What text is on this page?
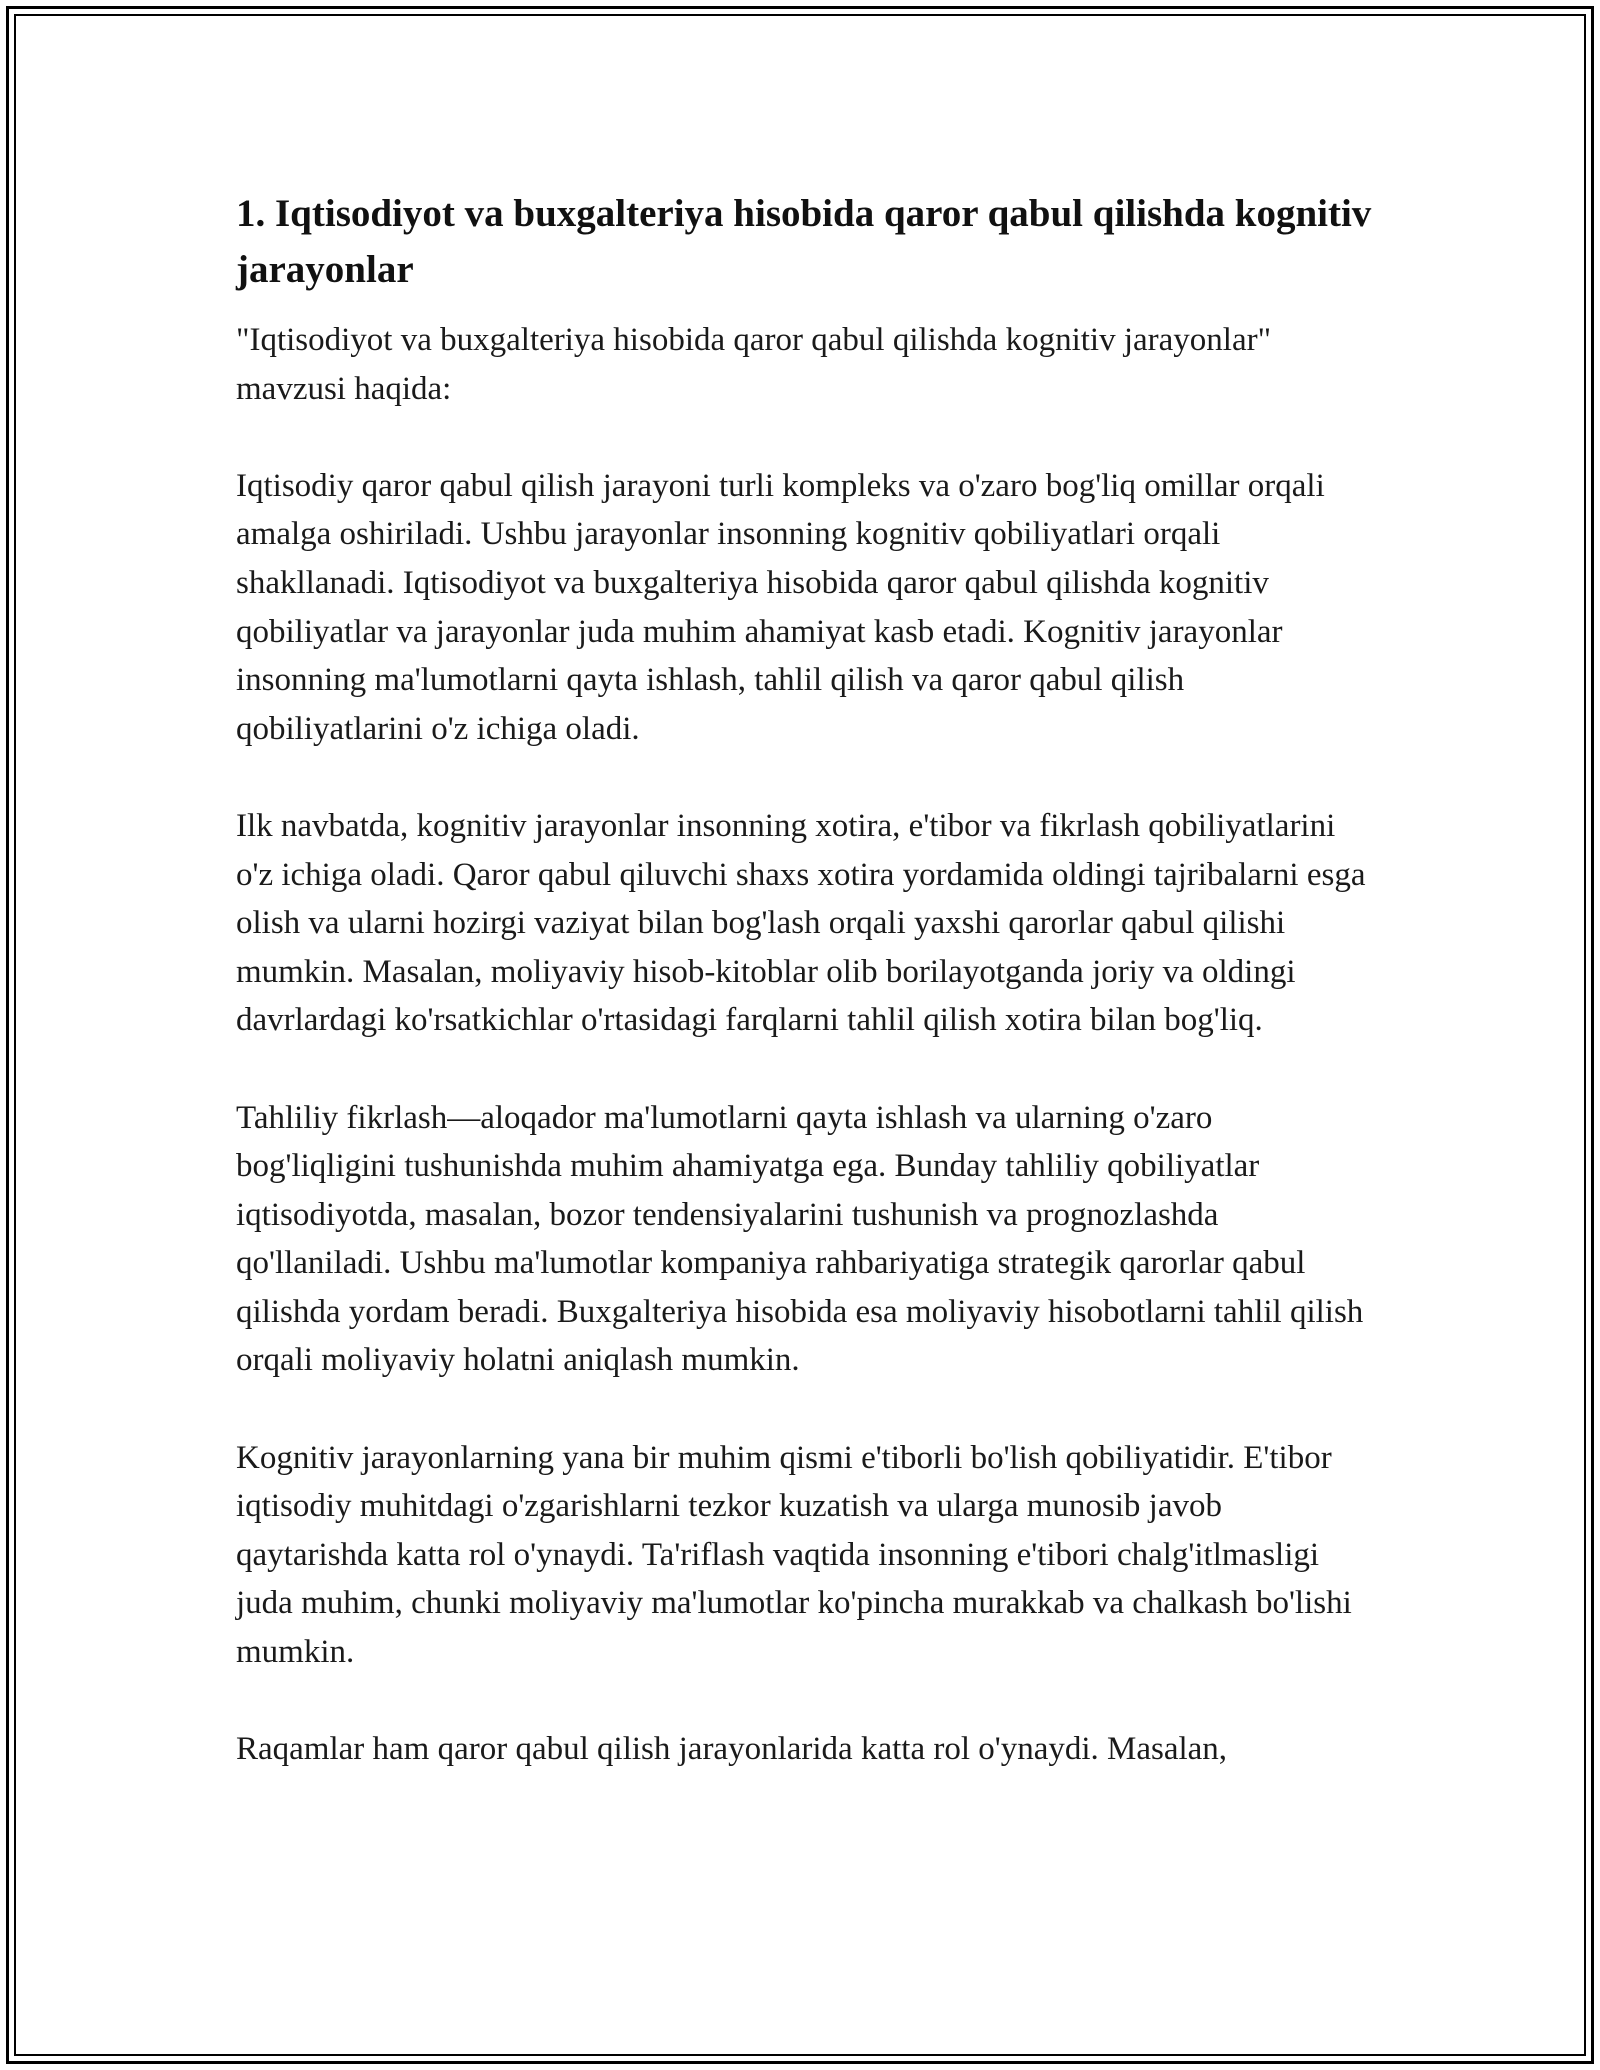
1. Iqtisodiyot va buxgalteriya hisobida qaror qabul qilishda kognitiv jarayonlar

"Iqtisodiyot va buxgalteriya hisobida qaror qabul qilishda kognitiv jarayonlar" mavzusi haqida:

Iqtisodiy qaror qabul qilish jarayoni turli kompleks va o'zaro bog'liq omillar orqali amalga oshiriladi. Ushbu jarayonlar insonning kognitiv qobiliyatlari orqali shakllanadi. Iqtisodiyot va buxgalteriya hisobida qaror qabul qilishda kognitiv qobiliyatlar va jarayonlar juda muhim ahamiyat kasb etadi. Kognitiv jarayonlar insonning ma'lumotlarni qayta ishlash, tahlil qilish va qaror qabul qilish qobiliyatlarini o'z ichiga oladi.

Ilk navbatda, kognitiv jarayonlar insonning xotira, e'tibor va fikrlash qobiliyatlarini o'z ichiga oladi. Qaror qabul qiluvchi shaxs xotira yordamida oldingi tajribalarni esga olish va ularni hozirgi vaziyat bilan bog'lash orqali yaxshi qarorlar qabul qilishi mumkin. Masalan, moliyaviy hisob-kitoblar olib borilayotganda joriy va oldingi davrlardagi ko'rsatkichlar o'rtasidagi farqlarni tahlil qilish xotira bilan bog'liq.

Tahliliy fikrlash—aloqador ma'lumotlarni qayta ishlash va ularning o'zaro bog'liqligini tushunishda muhim ahamiyatga ega. Bunday tahliliy qobiliyatlar iqtisodiyotda, masalan, bozor tendensiyalarini tushunish va prognozlashda qo'llaniladi. Ushbu ma'lumotlar kompaniya rahbariyatiga strategik qarorlar qabul qilishda yordam beradi. Buxgalteriya hisobida esa moliyaviy hisobotlarni tahlil qilish orqali moliyaviy holatni aniqlash mumkin.

Kognitiv jarayonlarning yana bir muhim qismi e'tiborli bo'lish qobiliyatidir. E'tibor iqtisodiy muhitdagi o'zgarishlarni tezkor kuzatish va ularga munosib javob qaytarishda katta rol o'ynaydi. Ta'riflash vaqtida insonning e'tibori chalg'itlmasligi juda muhim, chunki moliyaviy ma'lumotlar ko'pincha murakkab va chalkash bo'lishi mumkin.

Raqamlar ham qaror qabul qilish jarayonlarida katta rol o'ynaydi. Masalan,
